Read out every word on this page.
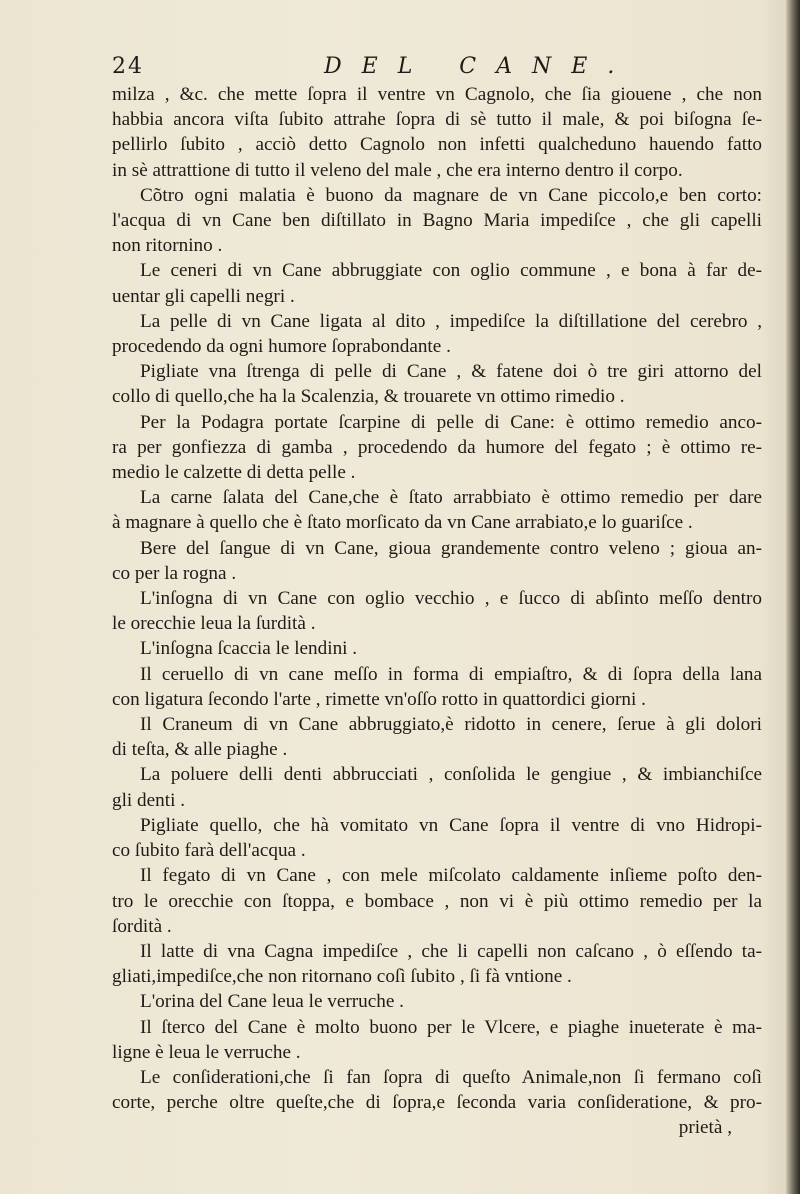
24	DEL CANE.
milza , &c. che mette ſopra il ventre vn Cagnolo, che ſia giouene , che non
habbia ancora viſta ſubito attrahe ſopra di sè tutto il male, & poi biſogna ſe-
pellirlo ſubito , acciò detto Cagnolo non infetti qualcheduno hauendo fatto
in sè attrattione di tutto il veleno del male , che era interno dentro il corpo.
Cõtro ogni malatia è buono da magnare de vn Cane piccolo,e ben corto:
l'acqua di vn Cane ben diſtillato in Bagno Maria impediſce , che gli capelli
non ritornino .
Le ceneri di vn Cane abbruggiate con oglio commune , e bona à far de-
uentar gli capelli negri .
La pelle di vn Cane ligata al dito , impediſce la diſtillatione del cerebro ,
procedendo da ogni humore ſoprabondante .
Pigliate vna ſtrenga di pelle di Cane , & fatene doi ò tre giri attorno del
collo di quello,che ha la Scalenzia, & trouarete vn ottimo rimedio .
Per la Podagra portate ſcarpine di pelle di Cane: è ottimo remedio anco-
ra per gonfiezza di gamba , procedendo da humore del fegato ; è ottimo re-
medio le calzette di detta pelle .
La carne ſalata del Cane,che è ſtato arrabbiato è ottimo remedio per dare
à magnare à quello che è ſtato morſicato da vn Cane arrabiato,e lo guariſce .
Bere del ſangue di vn Cane, gioua grandemente contro veleno ; gioua an-
co per la rogna .
L'inſogna di vn Cane con oglio vecchio , e ſucco di abſinto meſſo dentro
le orecchie leua la ſurdità .
L'inſogna ſcaccia le lendini .
Il ceruello di vn cane meſſo in forma di empiaſtro, & di ſopra della lana
con ligatura ſecondo l'arte , rimette vn'oſſo rotto in quattordici giorni .
Il Craneum di vn Cane abbruggiato,è ridotto in cenere, ſerue à gli dolori
di teſta, & alle piaghe .
La poluere delli denti abbrucciati , conſolida le gengiue , & imbianchiſce
gli denti .
Pigliate quello, che hà vomitato vn Cane ſopra il ventre di vno Hidropi-
co ſubito farà dell'acqua .
Il fegato di vn Cane , con mele miſcolato caldamente inſieme poſto den-
tro le orecchie con ſtoppa, e bombace , non vi è più ottimo remedio per la
ſordità .
Il latte di vna Cagna impediſce , che li capelli non caſcano , ò eſſendo ta-
gliati,impediſce,che non ritornano coſì ſubito , ſi fà vntione .
L'orina del Cane leua le verruche .
Il ſterco del Cane è molto buono per le Vlcere, e piaghe inueterate è ma-
ligne è leua le verruche .
Le conſiderationi,che ſi fan ſopra di queſto Animale,non ſi fermano coſì
corte, perche oltre queſte,che di ſopra,e ſeconda varia conſideratione, & pro-
prietà ,
